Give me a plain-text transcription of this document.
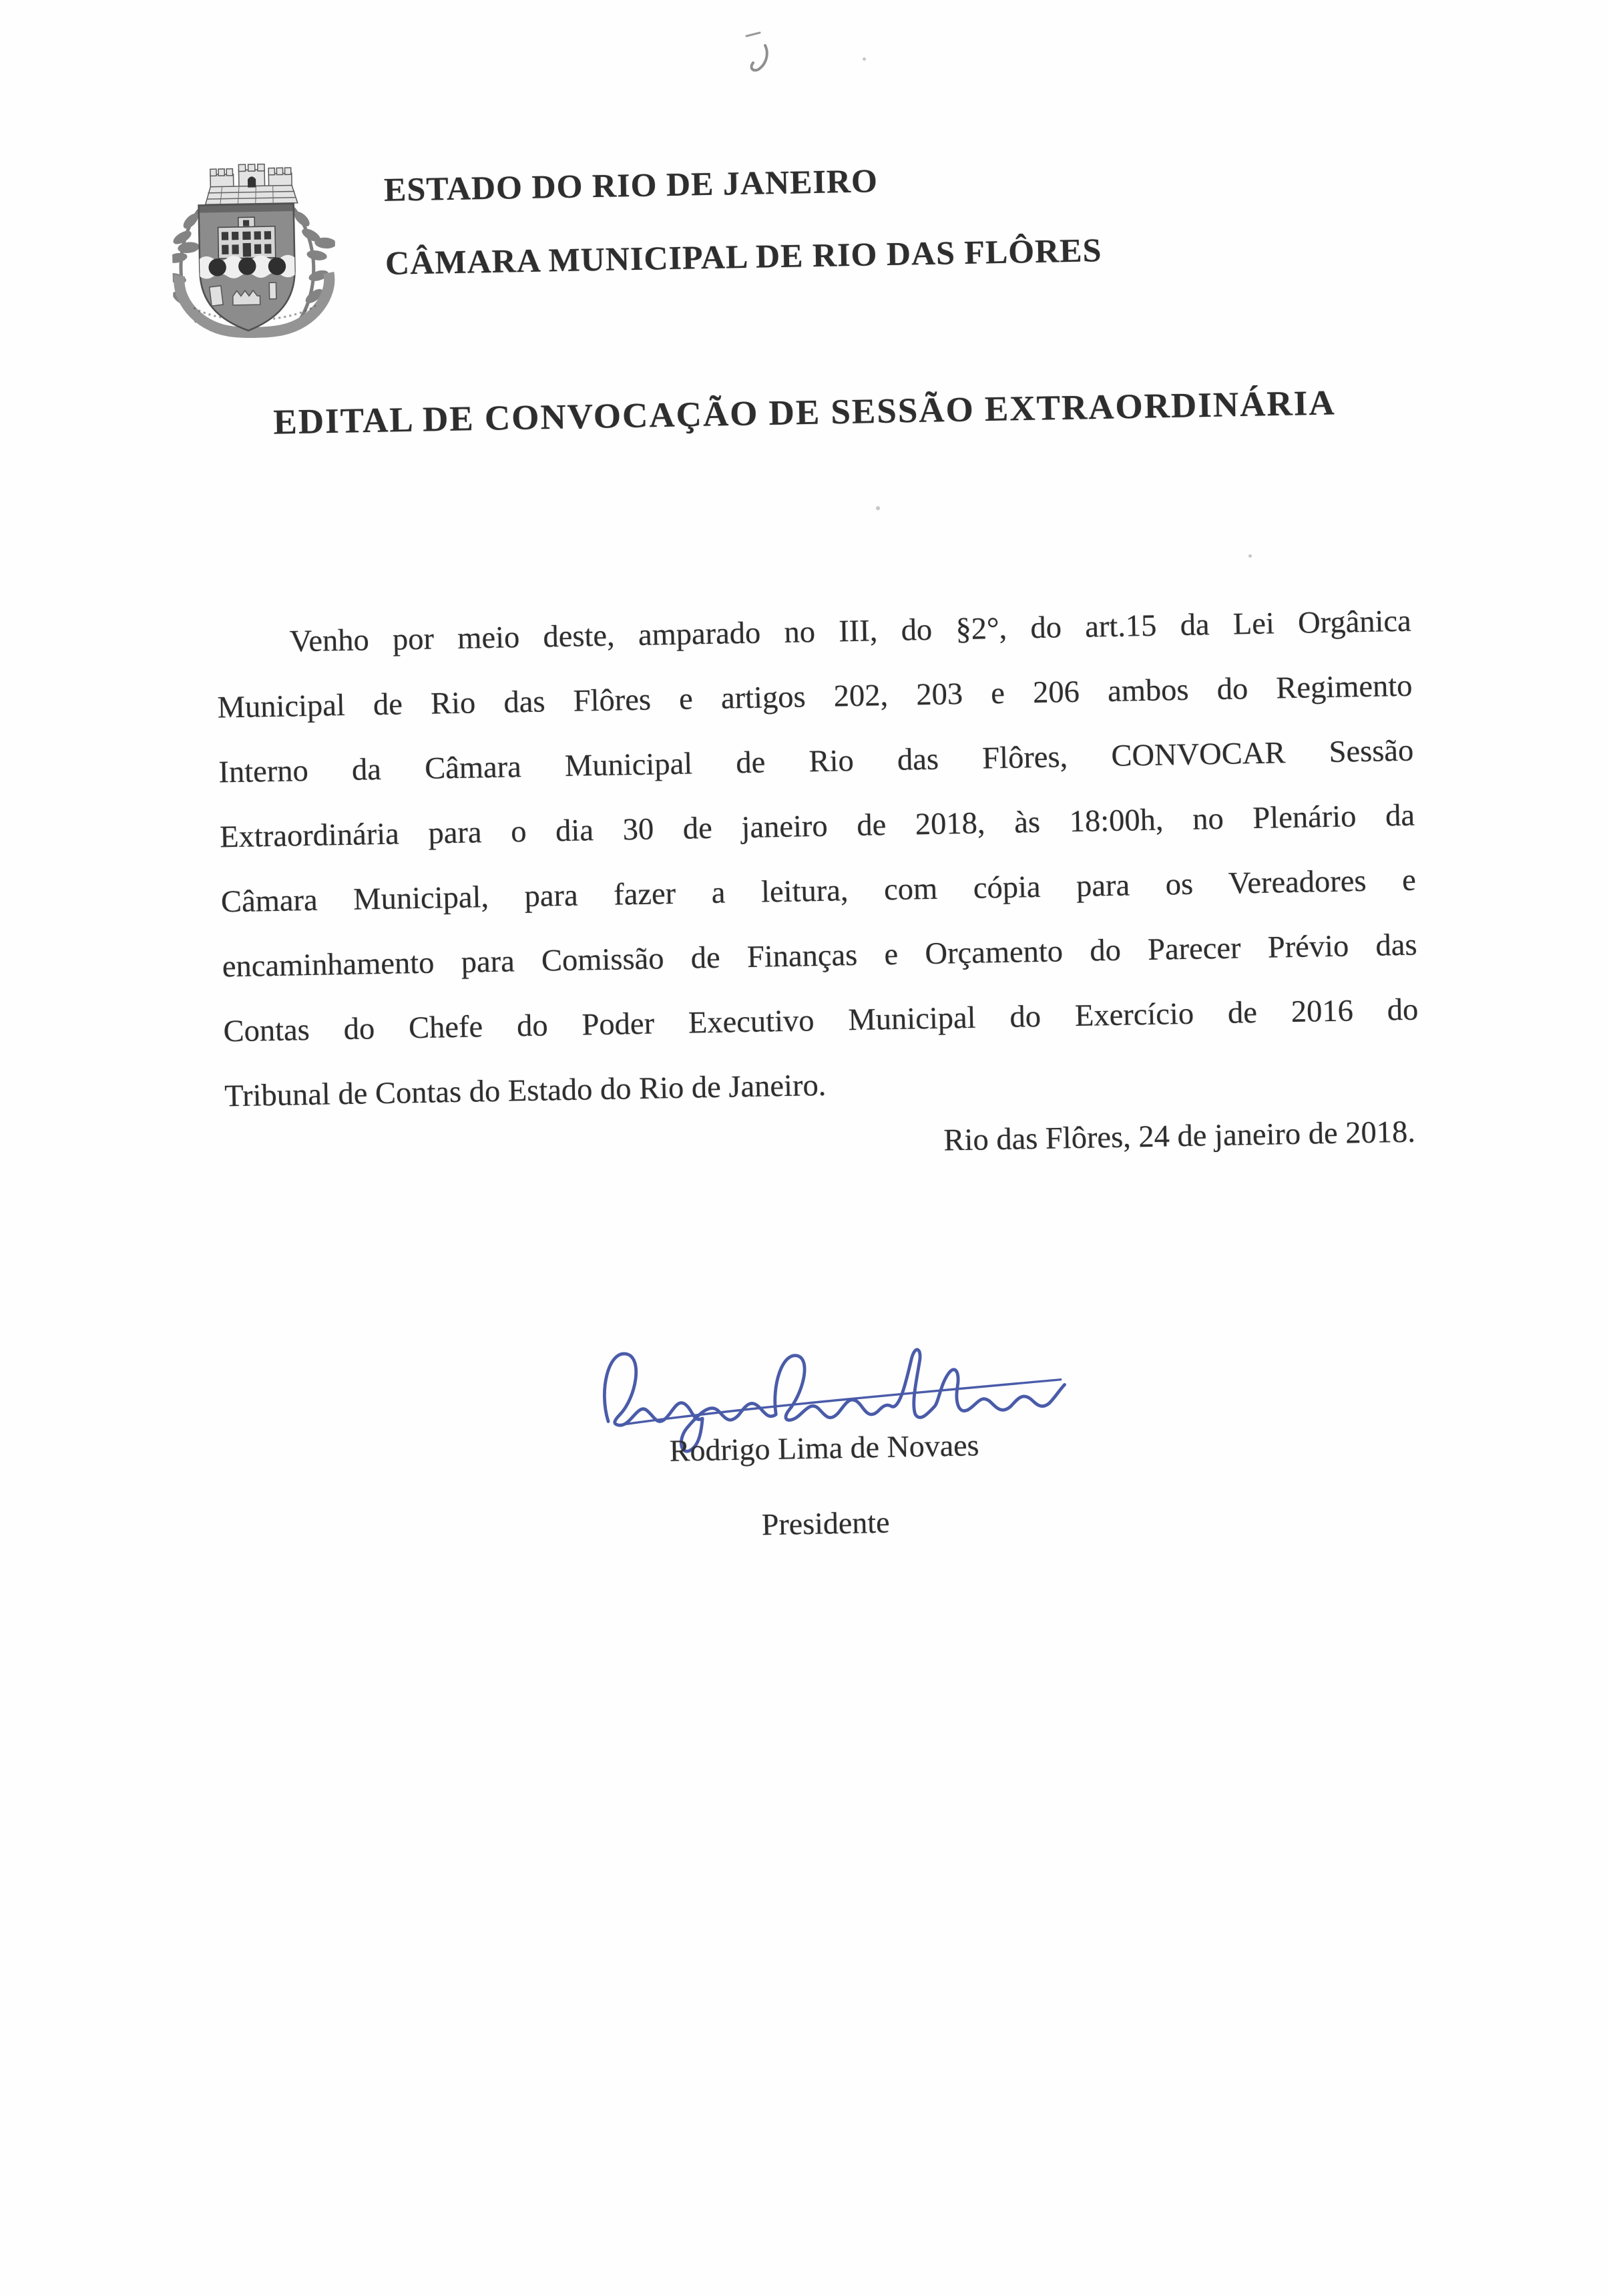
ESTADO DO RIO DE JANEIRO
CÂMARA MUNICIPAL DE RIO DAS FLÔRES
EDITAL DE CONVOCAÇÃO DE SESSÃO EXTRAORDINÁRIA
Venho por meio deste, amparado no III, do §2°, do art.15 da Lei Orgânica
Municipal de Rio das Flôres e artigos 202, 203 e 206 ambos do Regimento
Interno da Câmara Municipal de Rio das Flôres, CONVOCAR Sessão
Extraordinária para o dia 30 de janeiro de 2018, às 18:00h, no Plenário da
Câmara Municipal, para fazer a leitura, com cópia para os Vereadores e
encaminhamento para Comissão de Finanças e Orçamento do Parecer Prévio das
Contas do Chefe do Poder Executivo Municipal do Exercício de 2016 do
Tribunal de Contas do Estado do Rio de Janeiro.
Rio das Flôres, 24 de janeiro de 2018.
Rodrigo Lima de Novaes
Presidente
